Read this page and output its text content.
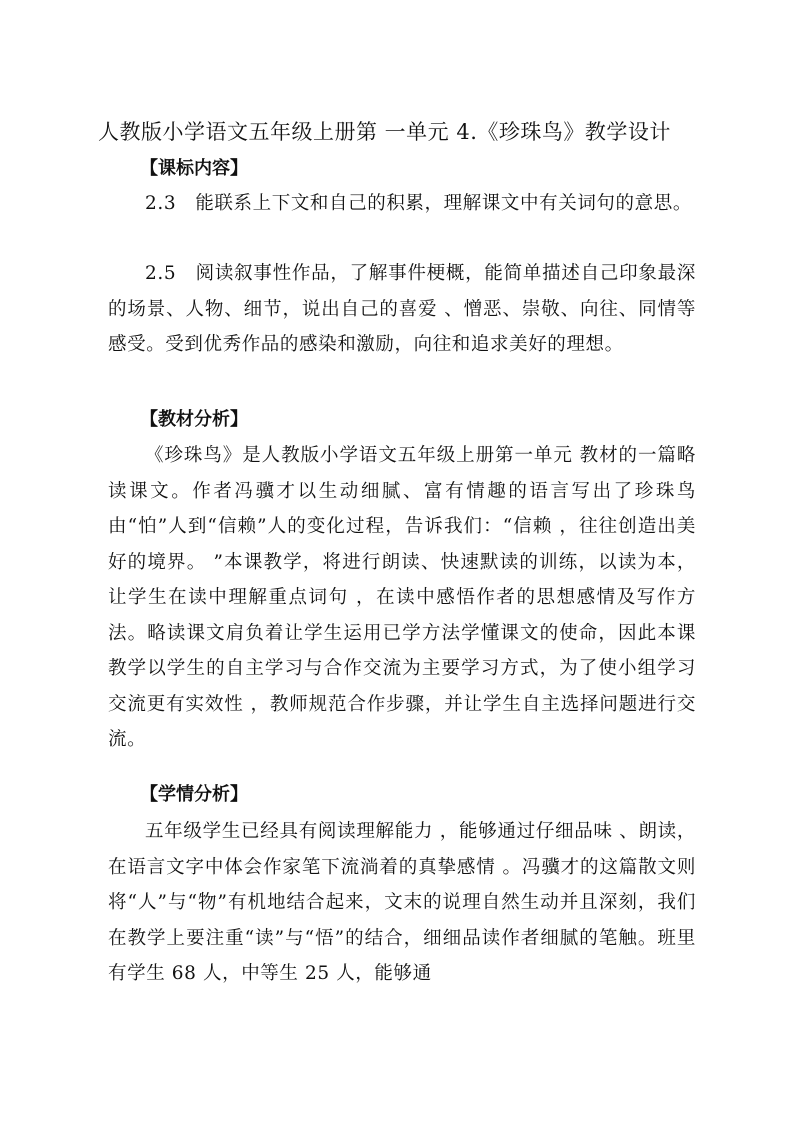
人教版小学语文五年级上册第 一单元 4.《珍珠鸟》教学设计
【课标内容】
2.3　能联系上下文和自己的积累，理解课文中有关词句的意思。
2.5　阅读叙事性作品，了解事件梗概，能简单描述自己印象最深的场景、人物、细节，说出自己的喜爱 、憎恶、崇敬、向往、同情等感受。受到优秀作品的感染和激励，向往和追求美好的理想。
【教材分析】
《珍珠鸟》是人教版小学语文五年级上册第一单元 教材的一篇略读课文。作者冯骥才以生动细腻、富有情趣的语言写出了珍珠鸟由“怕”人到“信赖”人的变化过程，告诉我们：“信赖 ，往往创造出美好的境界。 ”本课教学，将进行朗读、快速默读的训练，以读为本，让学生在读中理解重点词句 ，在读中感悟作者的思想感情及写作方法。略读课文肩负着让学生运用已学方法学懂课文的使命，因此本课教学以学生的自主学习与合作交流为主要学习方式，为了使小组学习交流更有实效性 ，教师规范合作步骤，并让学生自主选择问题进行交流。
【学情分析】
五年级学生已经具有阅读理解能力 ，能够通过仔细品味 、朗读，在语言文字中体会作家笔下流淌着的真挚感情 。冯骥才的这篇散文则将“人”与“物”有机地结合起来，文末的说理自然生动并且深刻，我们在教学上要注重“读”与“悟”的结合，细细品读作者细腻的笔触。班里有学生 68 人，中等生 25 人，能够通
